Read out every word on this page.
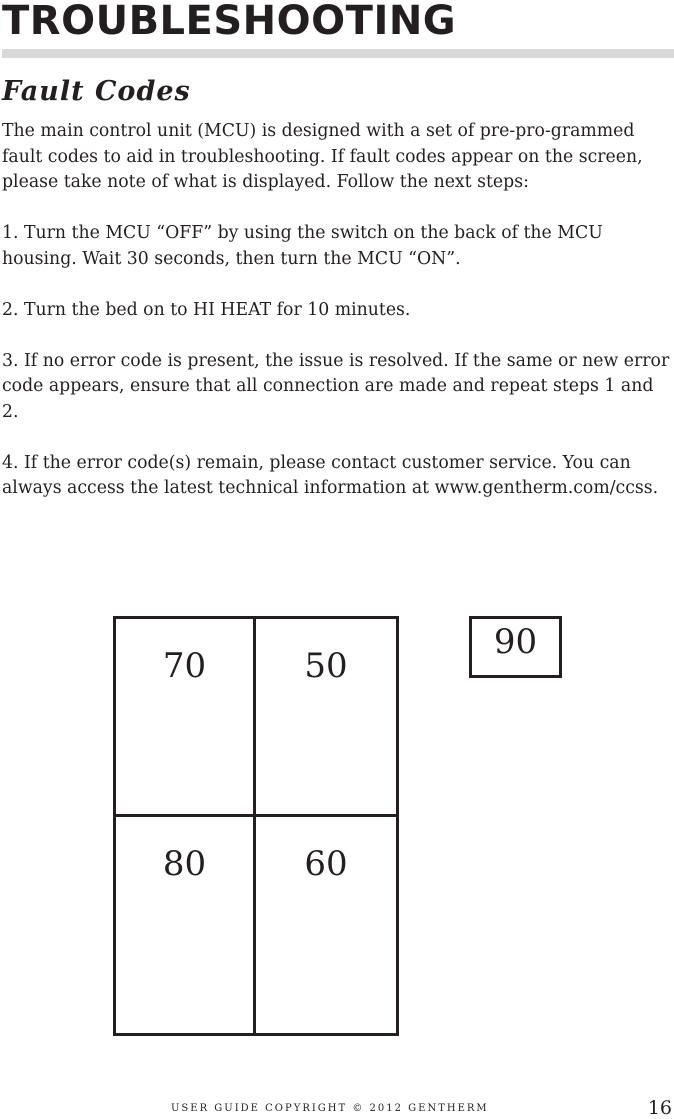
TROUBLESHOOTING
Fault Codes

The main control unit (MCU) is designed with a set of pre-pro-grammed fault codes to aid in troubleshooting. If fault codes appear on the screen, please take note of what is displayed. Follow the next steps:

1. Turn the MCU “OFF” by using the switch on the back of the MCU housing. Wait 30 seconds, then turn the MCU “ON”.

2. Turn the bed on to HI HEAT for 10 minutes.

3. If no error code is present, the issue is resolved. If the same or new error code appears, ensure that all connection are made and repeat steps 1 and 2.

4. If the error code(s) remain, please contact customer service. You can always access the latest technical information at www.gentherm.com/ccss.

70	50
80	60
90
USER GUIDE COPYRIGHT © 2012 GENTHERM	16
